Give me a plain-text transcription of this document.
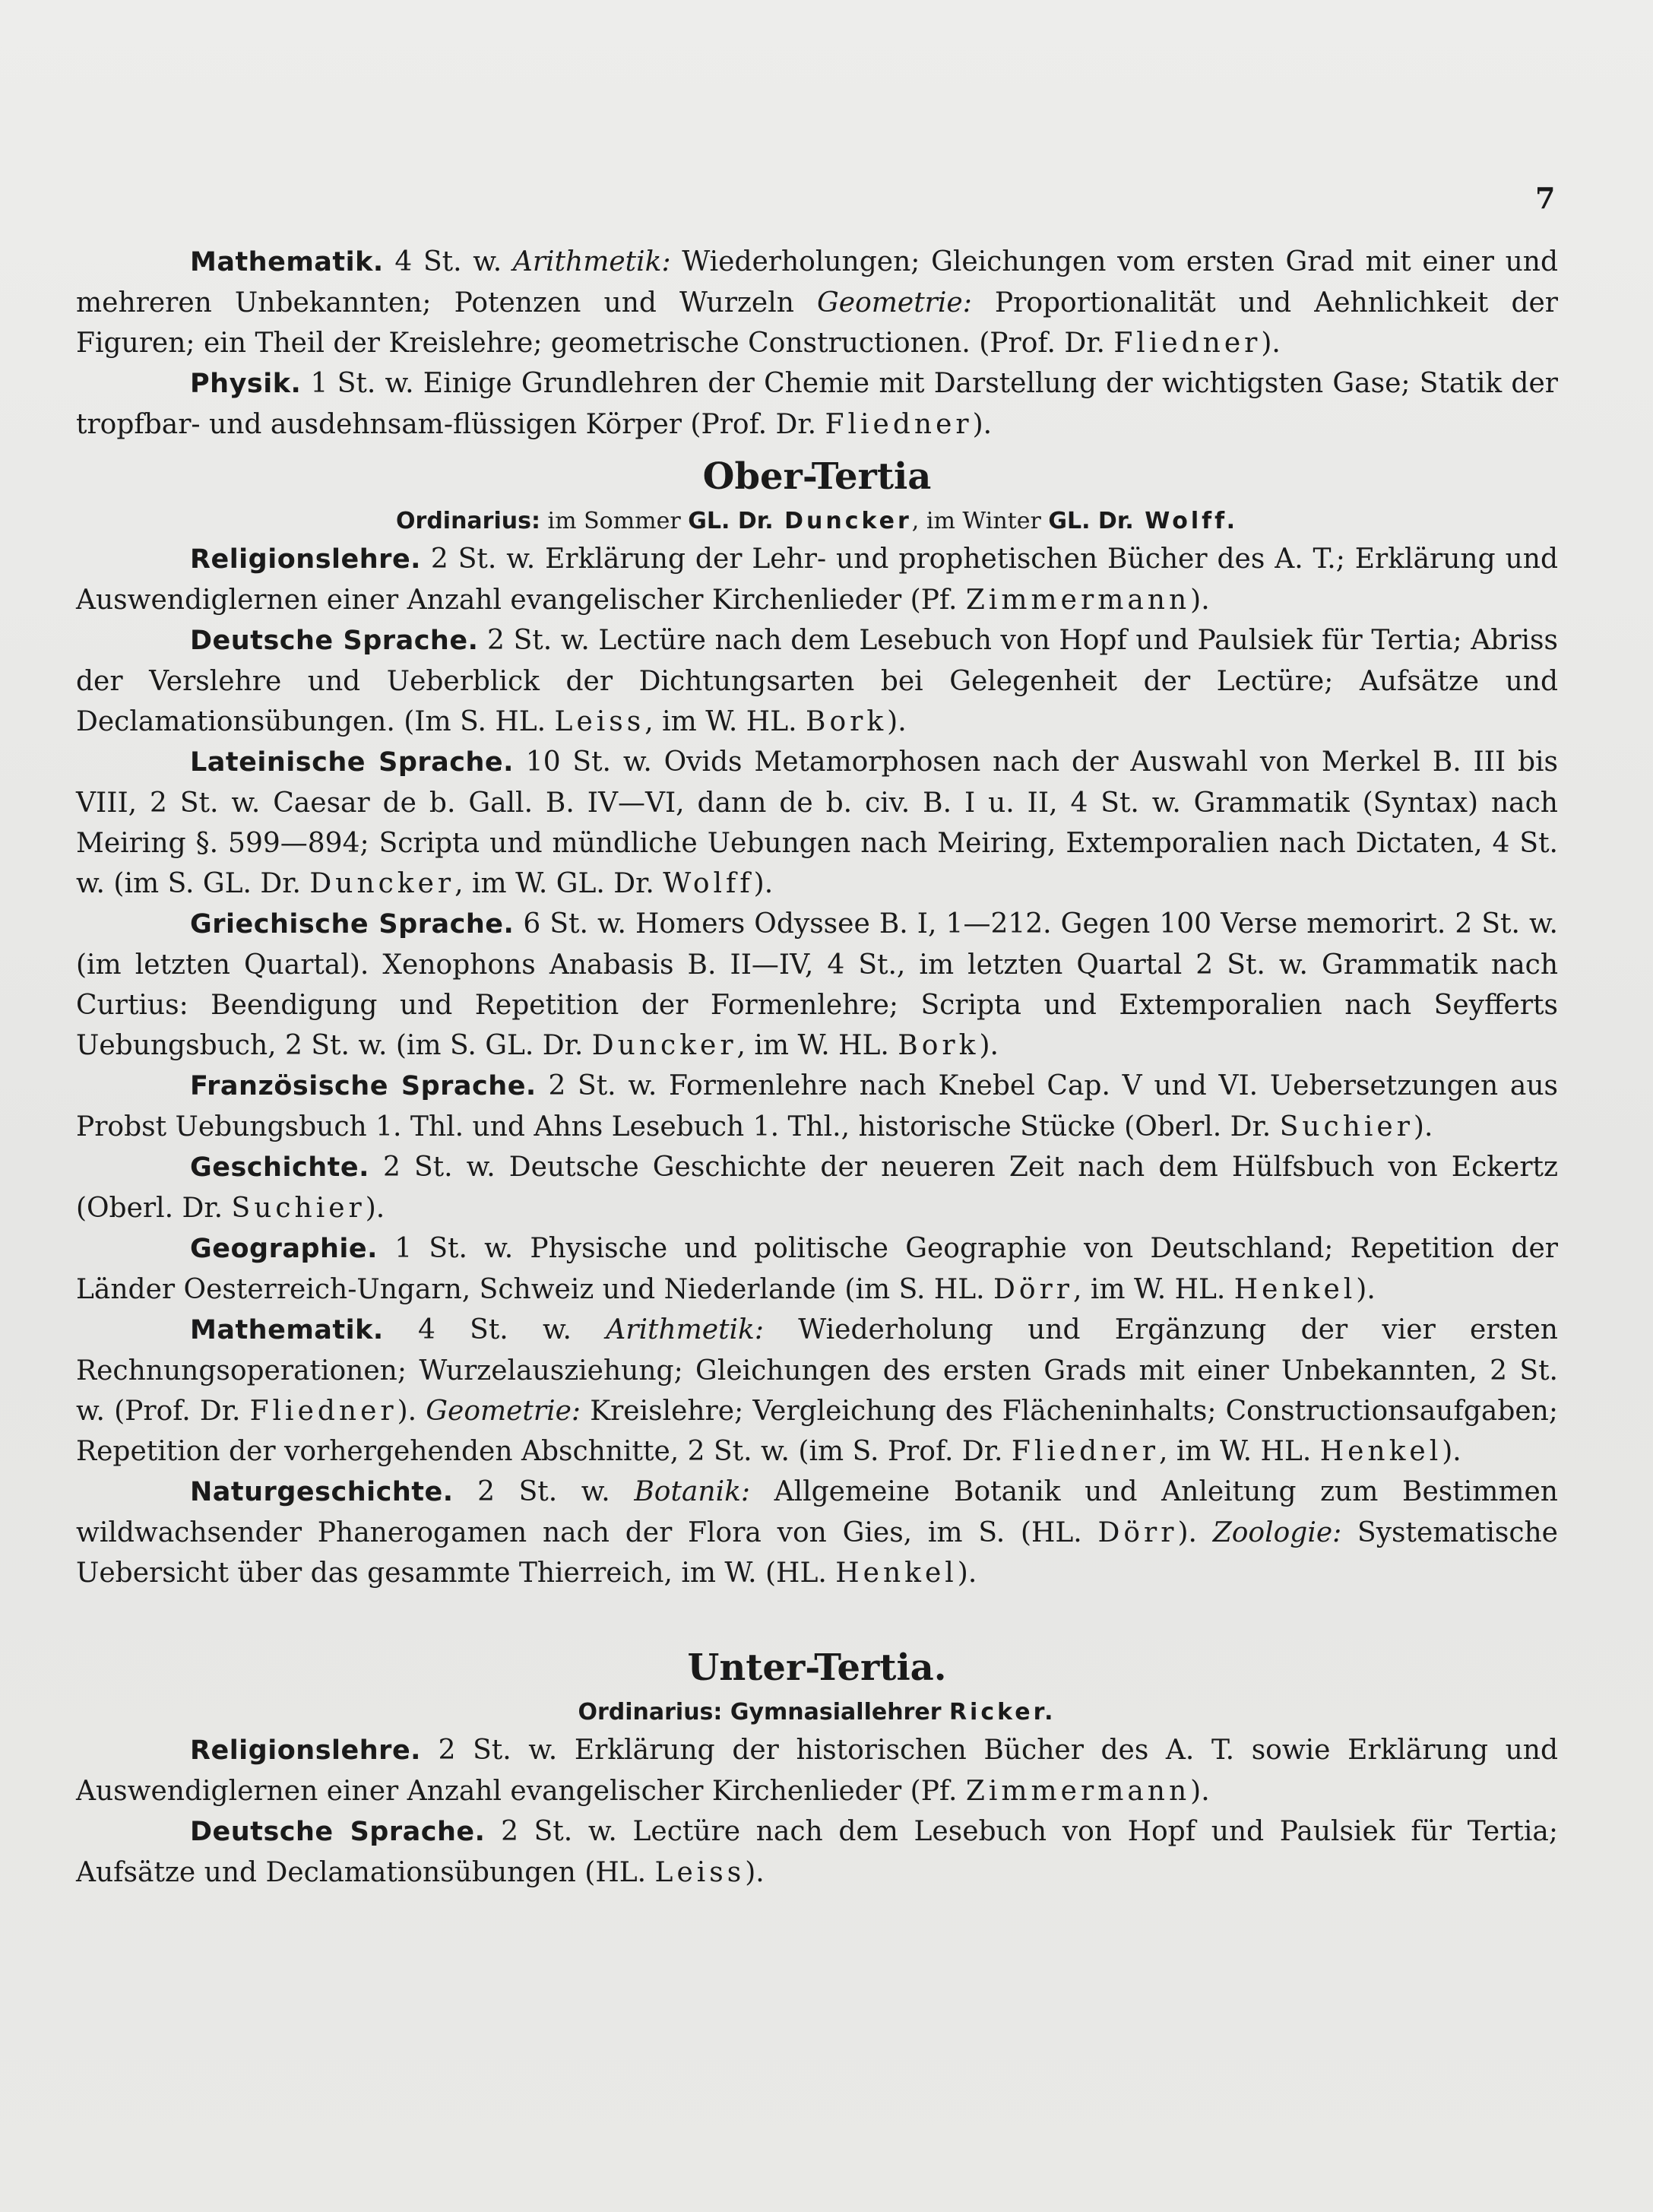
7

Mathematik. 4 St. w. Arithmetik: Wiederholungen; Gleichungen vom ersten Grad mit einer und mehreren Unbekannten; Potenzen und Wurzeln Geometrie: Proportionalität und Aehnlichkeit der Figuren; ein Theil der Kreislehre; geometrische Constructionen. (Prof. Dr. Fliedner).

Physik. 1 St. w. Einige Grundlehren der Chemie mit Darstellung der wichtigsten Gase; Statik der tropfbar- und ausdehnsam-flüssigen Körper (Prof. Dr. Fliedner).

Ober-Tertia
Ordinarius: im Sommer GL. Dr. Duncker, im Winter GL. Dr. Wolff.

Religionslehre. 2 St. w. Erklärung der Lehr- und prophetischen Bücher des A. T.; Erklärung und Auswendiglernen einer Anzahl evangelischer Kirchenlieder (Pf. Zimmermann).

Deutsche Sprache. 2 St. w. Lectüre nach dem Lesebuch von Hopf und Paulsiek für Tertia; Abriss der Verslehre und Ueberblick der Dichtungsarten bei Gelegenheit der Lectüre; Aufsätze und Declamationsübungen. (Im S. HL. Leiss, im W. HL. Bork).

Lateinische Sprache. 10 St. w. Ovids Metamorphosen nach der Auswahl von Merkel B. III bis VIII, 2 St. w. Caesar de b. Gall. B. IV—VI, dann de b. civ. B. I u. II, 4 St. w. Grammatik (Syntax) nach Meiring §. 599—894; Scripta und mündliche Uebungen nach Meiring, Extemporalien nach Dictaten, 4 St. w. (im S. GL. Dr. Duncker, im W. GL. Dr. Wolff).

Griechische Sprache. 6 St. w. Homers Odyssee B. I, 1—212. Gegen 100 Verse memorirt. 2 St. w. (im letzten Quartal). Xenophons Anabasis B. II—IV, 4 St., im letzten Quartal 2 St. w. Grammatik nach Curtius: Beendigung und Repetition der Formenlehre; Scripta und Extemporalien nach Seyfferts Uebungsbuch, 2 St. w. (im S. GL. Dr. Duncker, im W. HL. Bork).

Französische Sprache. 2 St. w. Formenlehre nach Knebel Cap. V und VI. Uebersetzungen aus Probst Uebungsbuch 1. Thl. und Ahns Lesebuch 1. Thl., historische Stücke (Oberl. Dr. Suchier).

Geschichte. 2 St. w. Deutsche Geschichte der neueren Zeit nach dem Hülfsbuch von Eckertz (Oberl. Dr. Suchier).

Geographie. 1 St. w. Physische und politische Geographie von Deutschland; Repetition der Länder Oesterreich-Ungarn, Schweiz und Niederlande (im S. HL. Dörr, im W. HL. Henkel).

Mathematik. 4 St. w. Arithmetik: Wiederholung und Ergänzung der vier ersten Rechnungsoperationen; Wurzelausziehung; Gleichungen des ersten Grads mit einer Unbekannten, 2 St. w. (Prof. Dr. Fliedner). Geometrie: Kreislehre; Vergleichung des Flächeninhalts; Constructionsaufgaben; Repetition der vorhergehenden Abschnitte, 2 St. w. (im S. Prof. Dr. Fliedner, im W. HL. Henkel).

Naturgeschichte. 2 St. w. Botanik: Allgemeine Botanik und Anleitung zum Bestimmen wildwachsender Phanerogamen nach der Flora von Gies, im S. (HL. Dörr). Zoologie: Systematische Uebersicht über das gesammte Thierreich, im W. (HL. Henkel).

Unter-Tertia.
Ordinarius: Gymnasiallehrer Ricker.

Religionslehre. 2 St. w. Erklärung der historischen Bücher des A. T. sowie Erklärung und Auswendiglernen einer Anzahl evangelischer Kirchenlieder (Pf. Zimmermann).

Deutsche Sprache. 2 St. w. Lectüre nach dem Lesebuch von Hopf und Paulsiek für Tertia; Aufsätze und Declamationsübungen (HL. Leiss).
